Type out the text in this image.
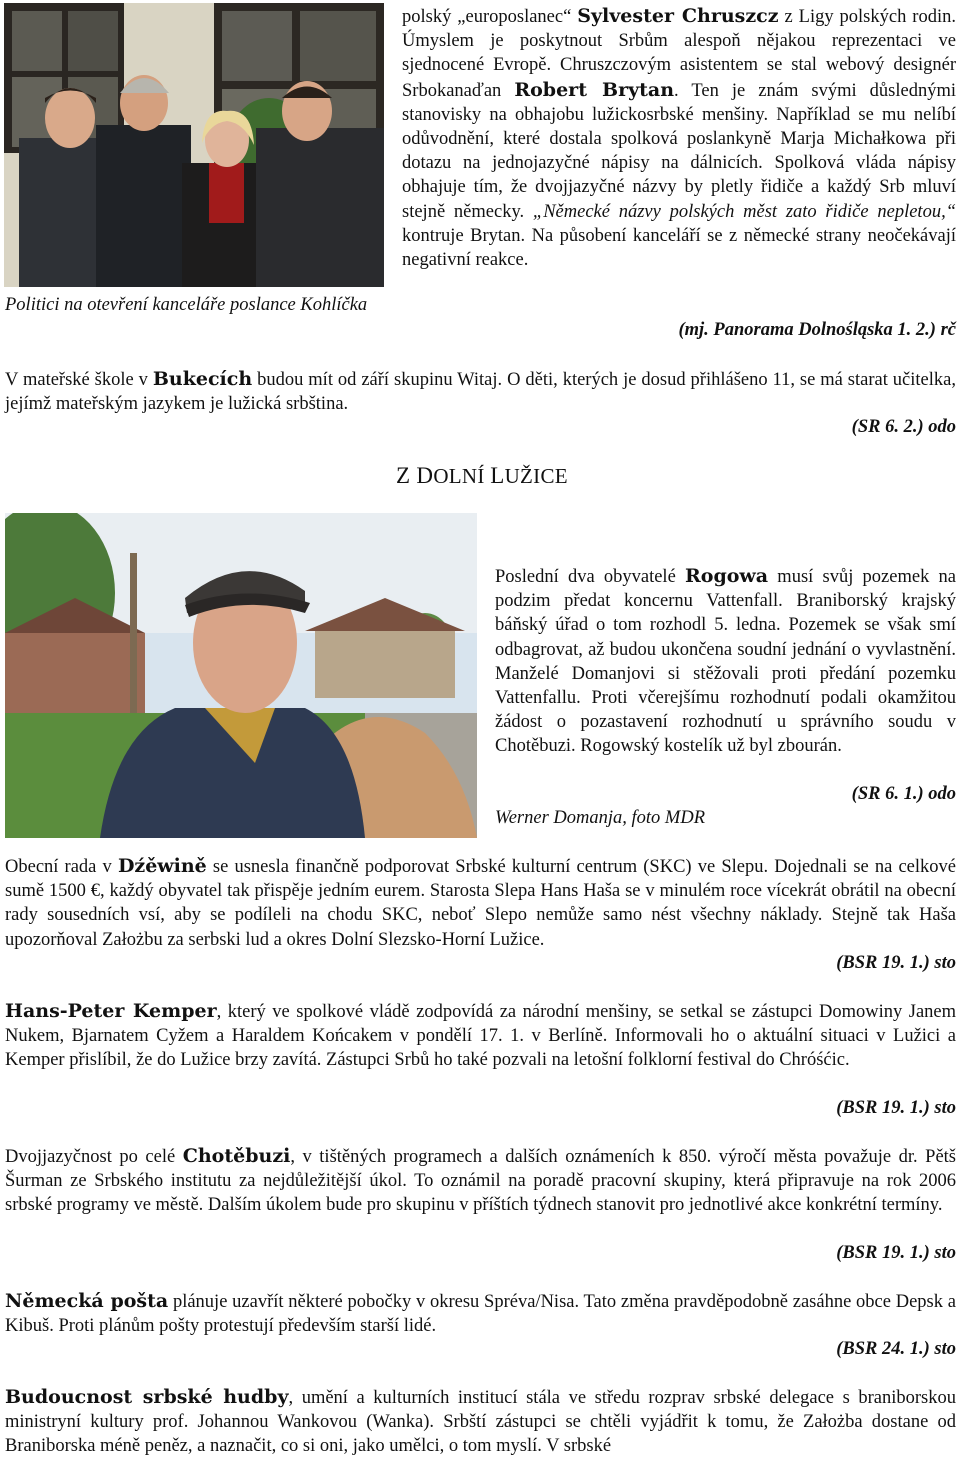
Politici na otevření kanceláře poslance Kohlíčka

polský „europoslanec“ Sylvester Chruszcz z Ligy polských rodin. Úmyslem je poskytnout Srbům alespoň nějakou reprezentaci ve sjednocené Evropě. Chruszczovým asistentem se stal webový designér Srbokanaďan Robert Brytan. Ten je znám svými důslednými stanovisky na obhajobu lužickosrbské menšiny. Například se mu nelíbí odůvodnění, které dostala spolková poslankyně Marja Michałkowa při dotazu na jednojazyčné nápisy na dálnicích. Spolková vláda nápisy obhajuje tím, že dvojjazyčné názvy by pletly řidiče a každý Srb mluví stejně německy. „Německé názvy polských měst zato řidiče nepletou,“ kontruje Brytan. Na působení kanceláří se z německé strany neočekávají negativní reakce.

(mj. Panorama Dolnośląska 1. 2.) rč

V mateřské škole v Bukecích budou mít od září skupinu Witaj. O děti, kterých je dosud přihlášeno 11, se má starat učitelka, jejímž mateřským jazykem je lužická srbština.

(SR 6. 2.) odo
Z DOLNÍ LUŽICE

Poslední dva obyvatelé Rogowa musí svůj pozemek na podzim předat koncernu Vattenfall. Braniborský krajský báňský úřad o tom rozhodl 5. ledna. Pozemek se však smí odbagrovat, až budou ukončena soudní jednání o vyvlastnění. Manželé Domanjovi si stěžovali proti předání pozemku Vattenfallu. Proti včerejšímu rozhodnutí podali okamžitou žádost o pozastavení rozhodnutí u správního soudu v Chotěbuzi. Rogowský kostelík už byl zbourán.

(SR 6. 1.) odo
Werner Domanja, foto MDR

Obecní rada v Dźěwině se usnesla finančně podporovat Srbské kulturní centrum (SKC) ve Slepu. Dojednali se na celkové sumě 1500 €, každý obyvatel tak přispěje jedním eurem. Starosta Slepa Hans Haša se v minulém roce vícekrát obrátil na obecní rady sousedních vsí, aby se podíleli na chodu SKC, neboť Slepo nemůže samo nést všechny náklady. Stejně tak Haša upozorňoval Założbu za serbski lud a okres Dolní Slezsko-Horní Lužice.

(BSR 19. 1.) sto

Hans-Peter Kemper, který ve spolkové vládě zodpovídá za národní menšiny, se setkal se zástupci Domowiny Janem Nukem, Bjarnatem Cyžem a Haraldem Końcakem v pondělí 17. 1. v Berlíně. Informovali ho o aktuální situaci v Lužici a Kemper přislíbil, že do Lužice brzy zavítá. Zástupci Srbů ho také pozvali na letošní folklorní festival do Chróśćic.

(BSR 19. 1.) sto

Dvojjazyčnost po celé Chotěbuzi, v tištěných programech a dalších oznámeních k 850. výročí města považuje dr. Pětš Šurman ze Srbského institutu za nejdůležitější úkol. To oznámil na poradě pracovní skupiny, která připravuje na rok 2006 srbské programy ve městě. Dalším úkolem bude pro skupinu v příštích týdnech stanovit pro jednotlivé akce konkrétní termíny.

(BSR 19. 1.) sto

Německá pošta plánuje uzavřít některé pobočky v okresu Spréva/Nisa. Tato změna pravděpodobně zasáhne obce Depsk a Kibuš. Proti plánům pošty protestují především starší lidé.

(BSR 24. 1.) sto

Budoucnost srbské hudby, umění a kulturních institucí stála ve středu rozprav srbské delegace s braniborskou ministryní kultury prof. Johannou Wankovou (Wanka). Srbští zástupci se chtěli vyjádřit k tomu, že Założba dostane od Braniborska méně peněz, a naznačit, co si oni, jako umělci, o tom myslí. V srbské
